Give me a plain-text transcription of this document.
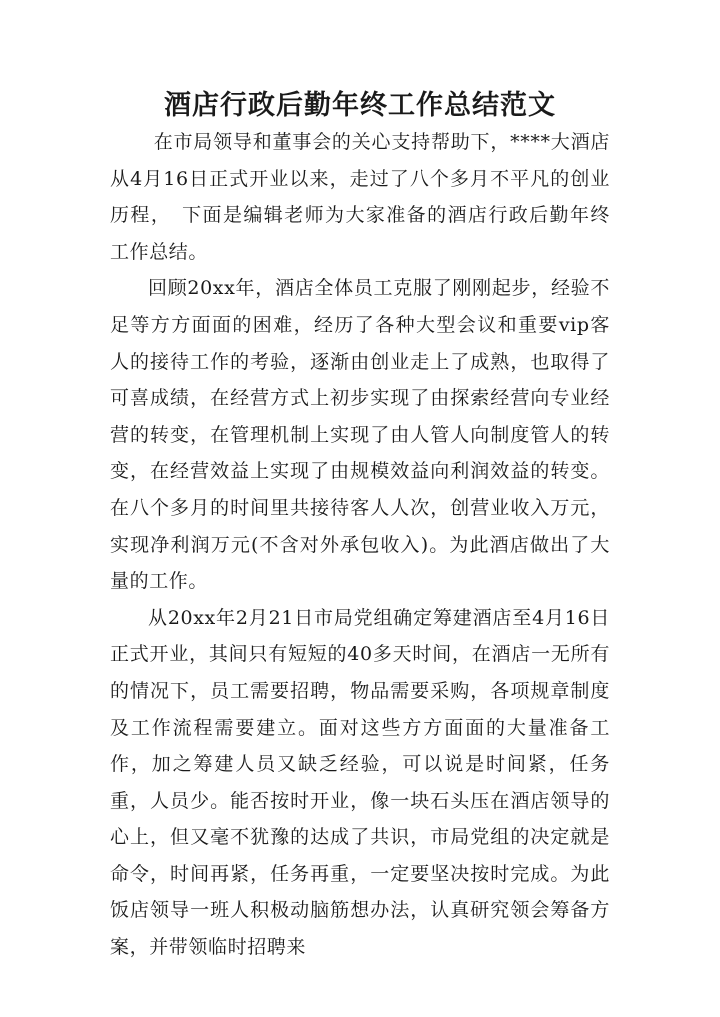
酒店行政后勤年终工作总结范文

在市局领导和董事会的关心支持帮助下，****大酒店从4月16日正式开业以来，走过了八个多月不平凡的创业历程，　下面是编辑老师为大家准备的酒店行政后勤年终工作总结。

回顾20xx年，酒店全体员工克服了刚刚起步，经验不足等方方面面的困难，经历了各种大型会议和重要vip客人的接待工作的考验，逐渐由创业走上了成熟，也取得了可喜成绩，在经营方式上初步实现了由探索经营向专业经营的转变，在管理机制上实现了由人管人向制度管人的转变，在经营效益上实现了由规模效益向利润效益的转变。在八个多月的时间里共接待客人人次，创营业收入万元，实现净利润万元(不含对外承包收入)。为此酒店做出了大量的工作。

从20xx年2月21日市局党组确定筹建酒店至4月16日正式开业，其间只有短短的40多天时间，在酒店一无所有的情况下，员工需要招聘，物品需要采购，各项规章制度及工作流程需要建立。面对这些方方面面的大量准备工作，加之筹建人员又缺乏经验，可以说是时间紧，任务重，人员少。能否按时开业，像一块石头压在酒店领导的心上，但又毫不犹豫的达成了共识，市局党组的决定就是命令，时间再紧，任务再重，一定要坚决按时完成。为此饭店领导一班人积极动脑筋想办法，认真研究领会筹备方案，并带领临时招聘来
